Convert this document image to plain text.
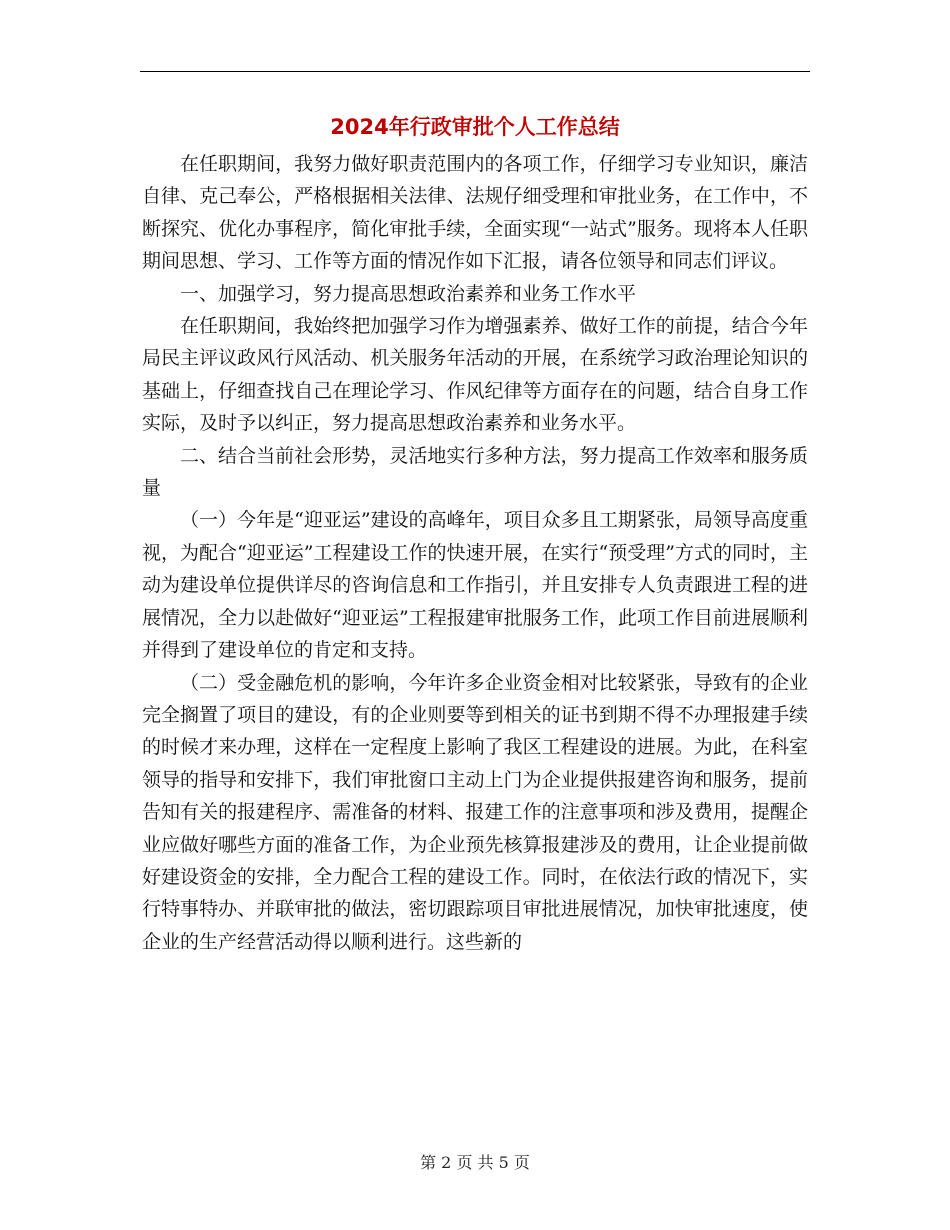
2024年行政审批个人工作总结

在任职期间，我努力做好职责范围内的各项工作，仔细学习专业知识，廉洁自律、克己奉公，严格根据相关法律、法规仔细受理和审批业务，在工作中，不断探究、优化办事程序，简化审批手续，全面实现“一站式”服务。现将本人任职期间思想、学习、工作等方面的情况作如下汇报，请各位领导和同志们评议。

一、加强学习，努力提高思想政治素养和业务工作水平

在任职期间，我始终把加强学习作为增强素养、做好工作的前提，结合今年局民主评议政风行风活动、机关服务年活动的开展，在系统学习政治理论知识的基础上，仔细查找自己在理论学习、作风纪律等方面存在的问题，结合自身工作实际，及时予以纠正，努力提高思想政治素养和业务水平。

二、结合当前社会形势，灵活地实行多种方法，努力提高工作效率和服务质量

（一）今年是“迎亚运”建设的高峰年，项目众多且工期紧张，局领导高度重视，为配合“迎亚运”工程建设工作的快速开展，在实行“预受理”方式的同时，主动为建设单位提供详尽的咨询信息和工作指引，并且安排专人负责跟进工程的进展情况，全力以赴做好“迎亚运”工程报建审批服务工作，此项工作目前进展顺利并得到了建设单位的肯定和支持。

（二）受金融危机的影响，今年许多企业资金相对比较紧张，导致有的企业完全搁置了项目的建设，有的企业则要等到相关的证书到期不得不办理报建手续的时候才来办理，这样在一定程度上影响了我区工程建设的进展。为此，在科室领导的指导和安排下，我们审批窗口主动上门为企业提供报建咨询和服务，提前告知有关的报建程序、需准备的材料、报建工作的注意事项和涉及费用，提醒企业应做好哪些方面的准备工作，为企业预先核算报建涉及的费用，让企业提前做好建设资金的安排，全力配合工程的建设工作。同时，在依法行政的情况下，实行特事特办、并联审批的做法，密切跟踪项目审批进展情况，加快审批速度，使企业的生产经营活动得以顺利进行。这些新的

第 2 页 共 5 页
